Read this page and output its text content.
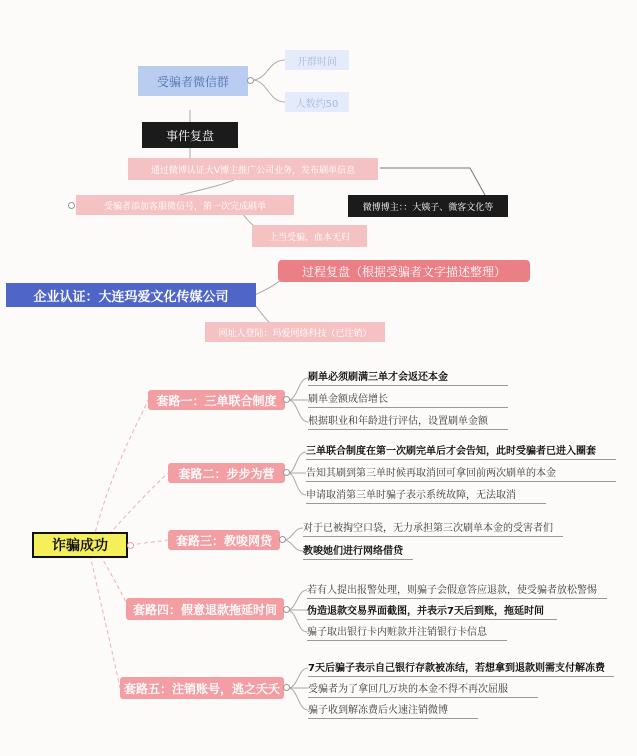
受骗者微信群
开群时间
人数约50
事件复盘
通过微博认证大V博主推广公司业务，发布刷单信息
受骗者添加客服微信号，第一次完成刷单
上当受骗，血本无归
微博博主：：大姨子、微客文化等
过程复盘（根据受骗者文字描述整理）
企业认证：大连玛爱文化传媒公司
网址人登陆：玛爱网络科技（已注销）
诈骗成功
套路一：三单联合制度
刷单必须刷满三单才会返还本金
刷单金额成倍增长
根据职业和年龄进行评估，设置刷单金额
套路二：步步为营
三单联合制度在第一次刷完单后才会告知，此时受骗者已进入圈套
告知其刷到第三单时候再取消回可拿回前两次刷单的本金
申请取消第三单时骗子表示系统故障，无法取消
套路三：教唆网贷
对于已被掏空口袋，无力承担第三次刷单本金的受害者们
教唆她们进行网络借贷
套路四：假意退款拖延时间
若有人提出报警处理，则骗子会假意答应退款，使受骗者放松警惕
伪造退款交易界面截图，并表示7天后到账，拖延时间
骗子取出银行卡内赃款并注销银行卡信息
套路五：注销账号，逃之夭夭
7天后骗子表示自己银行存款被冻结，若想拿到退款则需支付解冻费
受骗者为了拿回几万块的本金不得不再次屈服
骗子收到解冻费后火速注销微博
